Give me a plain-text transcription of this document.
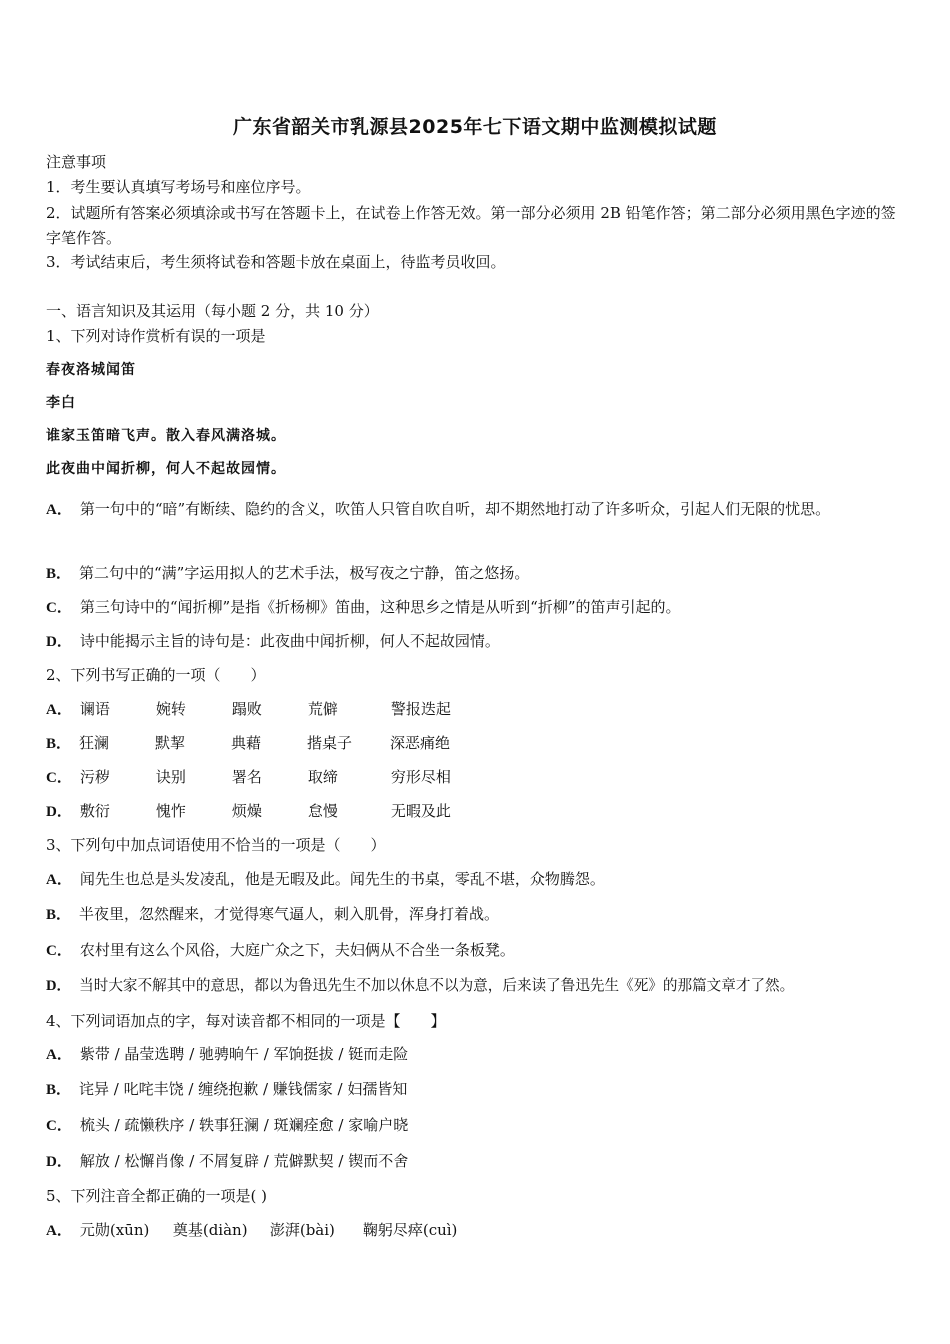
广东省韶关市乳源县2025年七下语文期中监测模拟试题
注意事项
1．考生要认真填写考场号和座位序号。
2．试题所有答案必须填涂或书写在答题卡上，在试卷上作答无效。第一部分必须用 2B 铅笔作答；第二部分必须用黑色字迹的签字笔作答。
3．考试结束后，考生须将试卷和答题卡放在桌面上，待监考员收回。
一、语言知识及其运用（每小题 2 分，共 10 分）
1、下列对诗作赏析有误的一项是
春夜洛城闻笛
李白
谁家玉笛暗飞声。散入春风满洛城。
此夜曲中闻折柳，何人不起故园情。
A． 第一句中的“暗”有断续、隐约的含义，吹笛人只管自吹自听，却不期然地打动了许多听众，引起人们无限的忧思。
B． 第二句中的“满”字运用拟人的艺术手法，极写夜之宁静，笛之悠扬。
C． 第三句诗中的“闻折柳”是指《折杨柳》笛曲，这种思乡之情是从听到“折柳”的笛声引起的。
D． 诗中能揭示主旨的诗句是：此夜曲中闻折柳，何人不起故园情。
2、下列书写正确的一项（　　）
A． 谰语	婉转	蹋败	荒僻	警报迭起
B． 狂澜	默挈	典藉	揩桌子	深恶痛绝
C． 污秽	诀别	署名	取缔	穷形尽相
D． 敷衍	愧怍	烦燥	怠慢	无暇及此
3、下列句中加点词语使用不恰当的一项是（　　）
A． 闻先生也总是头发凌乱，他是无暇及此。闻先生的书桌，零乱不堪，众物腾怨。
B． 半夜里，忽然醒来，才觉得寒气逼人，刺入肌骨，浑身打着战。
C． 农村里有这么个风俗，大庭广众之下，夫妇俩从不合坐一条板凳。
D． 当时大家不解其中的意思，都以为鲁迅先生不加以休息不以为意，后来读了鲁迅先生《死》的那篇文章才了然。
4、下列词语加点的字，每对读音都不相同的一项是【　　】
A． 紫带 / 晶莹选聘 / 驰骋晌午 / 军饷挺拔 / 铤而走险
B． 诧异 / 叱咤丰饶 / 缠绕抱歉 / 赚钱儒家 / 妇孺皆知
C． 梳头 / 疏懒秩序 / 轶事狂澜 / 斑斓痊愈 / 家喻户晓
D． 解放 / 松懈肖像 / 不屑复辟 / 荒僻默契 / 锲而不舍
5、下列注音全都正确的一项是( )
A． 元勋(xūn) 奠基(diàn) 澎湃(bài) 鞠躬尽瘁(cuì)
